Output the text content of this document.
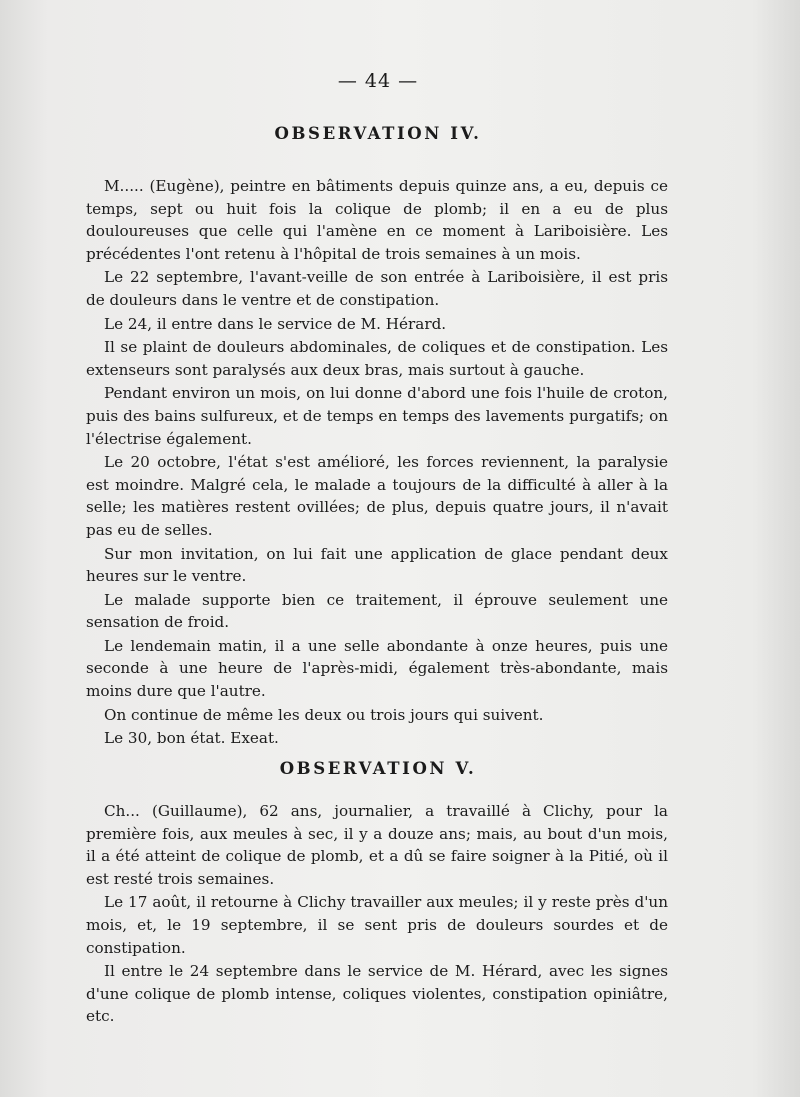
— 44 —
OBSERVATION IV.

M..... (Eugène), peintre en bâtiments depuis quinze ans, a eu, depuis ce temps, sept ou huit fois la colique de plomb; il en a eu de plus douloureuses que celle qui l'amène en ce moment à Lariboisière. Les précédentes l'ont retenu à l'hôpital de trois semaines à un mois.

Le 22 septembre, l'avant-veille de son entrée à Lariboisière, il est pris de douleurs dans le ventre et de constipation.

Le 24, il entre dans le service de M. Hérard.

Il se plaint de douleurs abdominales, de coliques et de constipation. Les extenseurs sont paralysés aux deux bras, mais surtout à gauche.

Pendant environ un mois, on lui donne d'abord une fois l'huile de croton, puis des bains sulfureux, et de temps en temps des lavements purgatifs; on l'électrise également.

Le 20 octobre, l'état s'est amélioré, les forces reviennent, la paralysie est moindre. Malgré cela, le malade a toujours de la difficulté à aller à la selle; les matières restent ovillées; de plus, depuis quatre jours, il n'avait pas eu de selles.

Sur mon invitation, on lui fait une application de glace pendant deux heures sur le ventre.

Le malade supporte bien ce traitement, il éprouve seulement une sensation de froid.

Le lendemain matin, il a une selle abondante à onze heures, puis une seconde à une heure de l'après-midi, également très-abondante, mais moins dure que l'autre.

On continue de même les deux ou trois jours qui suivent.

Le 30, bon état. Exeat.

OBSERVATION V.

Ch... (Guillaume), 62 ans, journalier, a travaillé à Clichy, pour la première fois, aux meules à sec, il y a douze ans; mais, au bout d'un mois, il a été atteint de colique de plomb, et a dû se faire soigner à la Pitié, où il est resté trois semaines.

Le 17 août, il retourne à Clichy travailler aux meules; il y reste près d'un mois, et, le 19 septembre, il se sent pris de douleurs sourdes et de constipation.

Il entre le 24 septembre dans le service de M. Hérard, avec les signes d'une colique de plomb intense, coliques violentes, constipation opiniâtre, etc.
